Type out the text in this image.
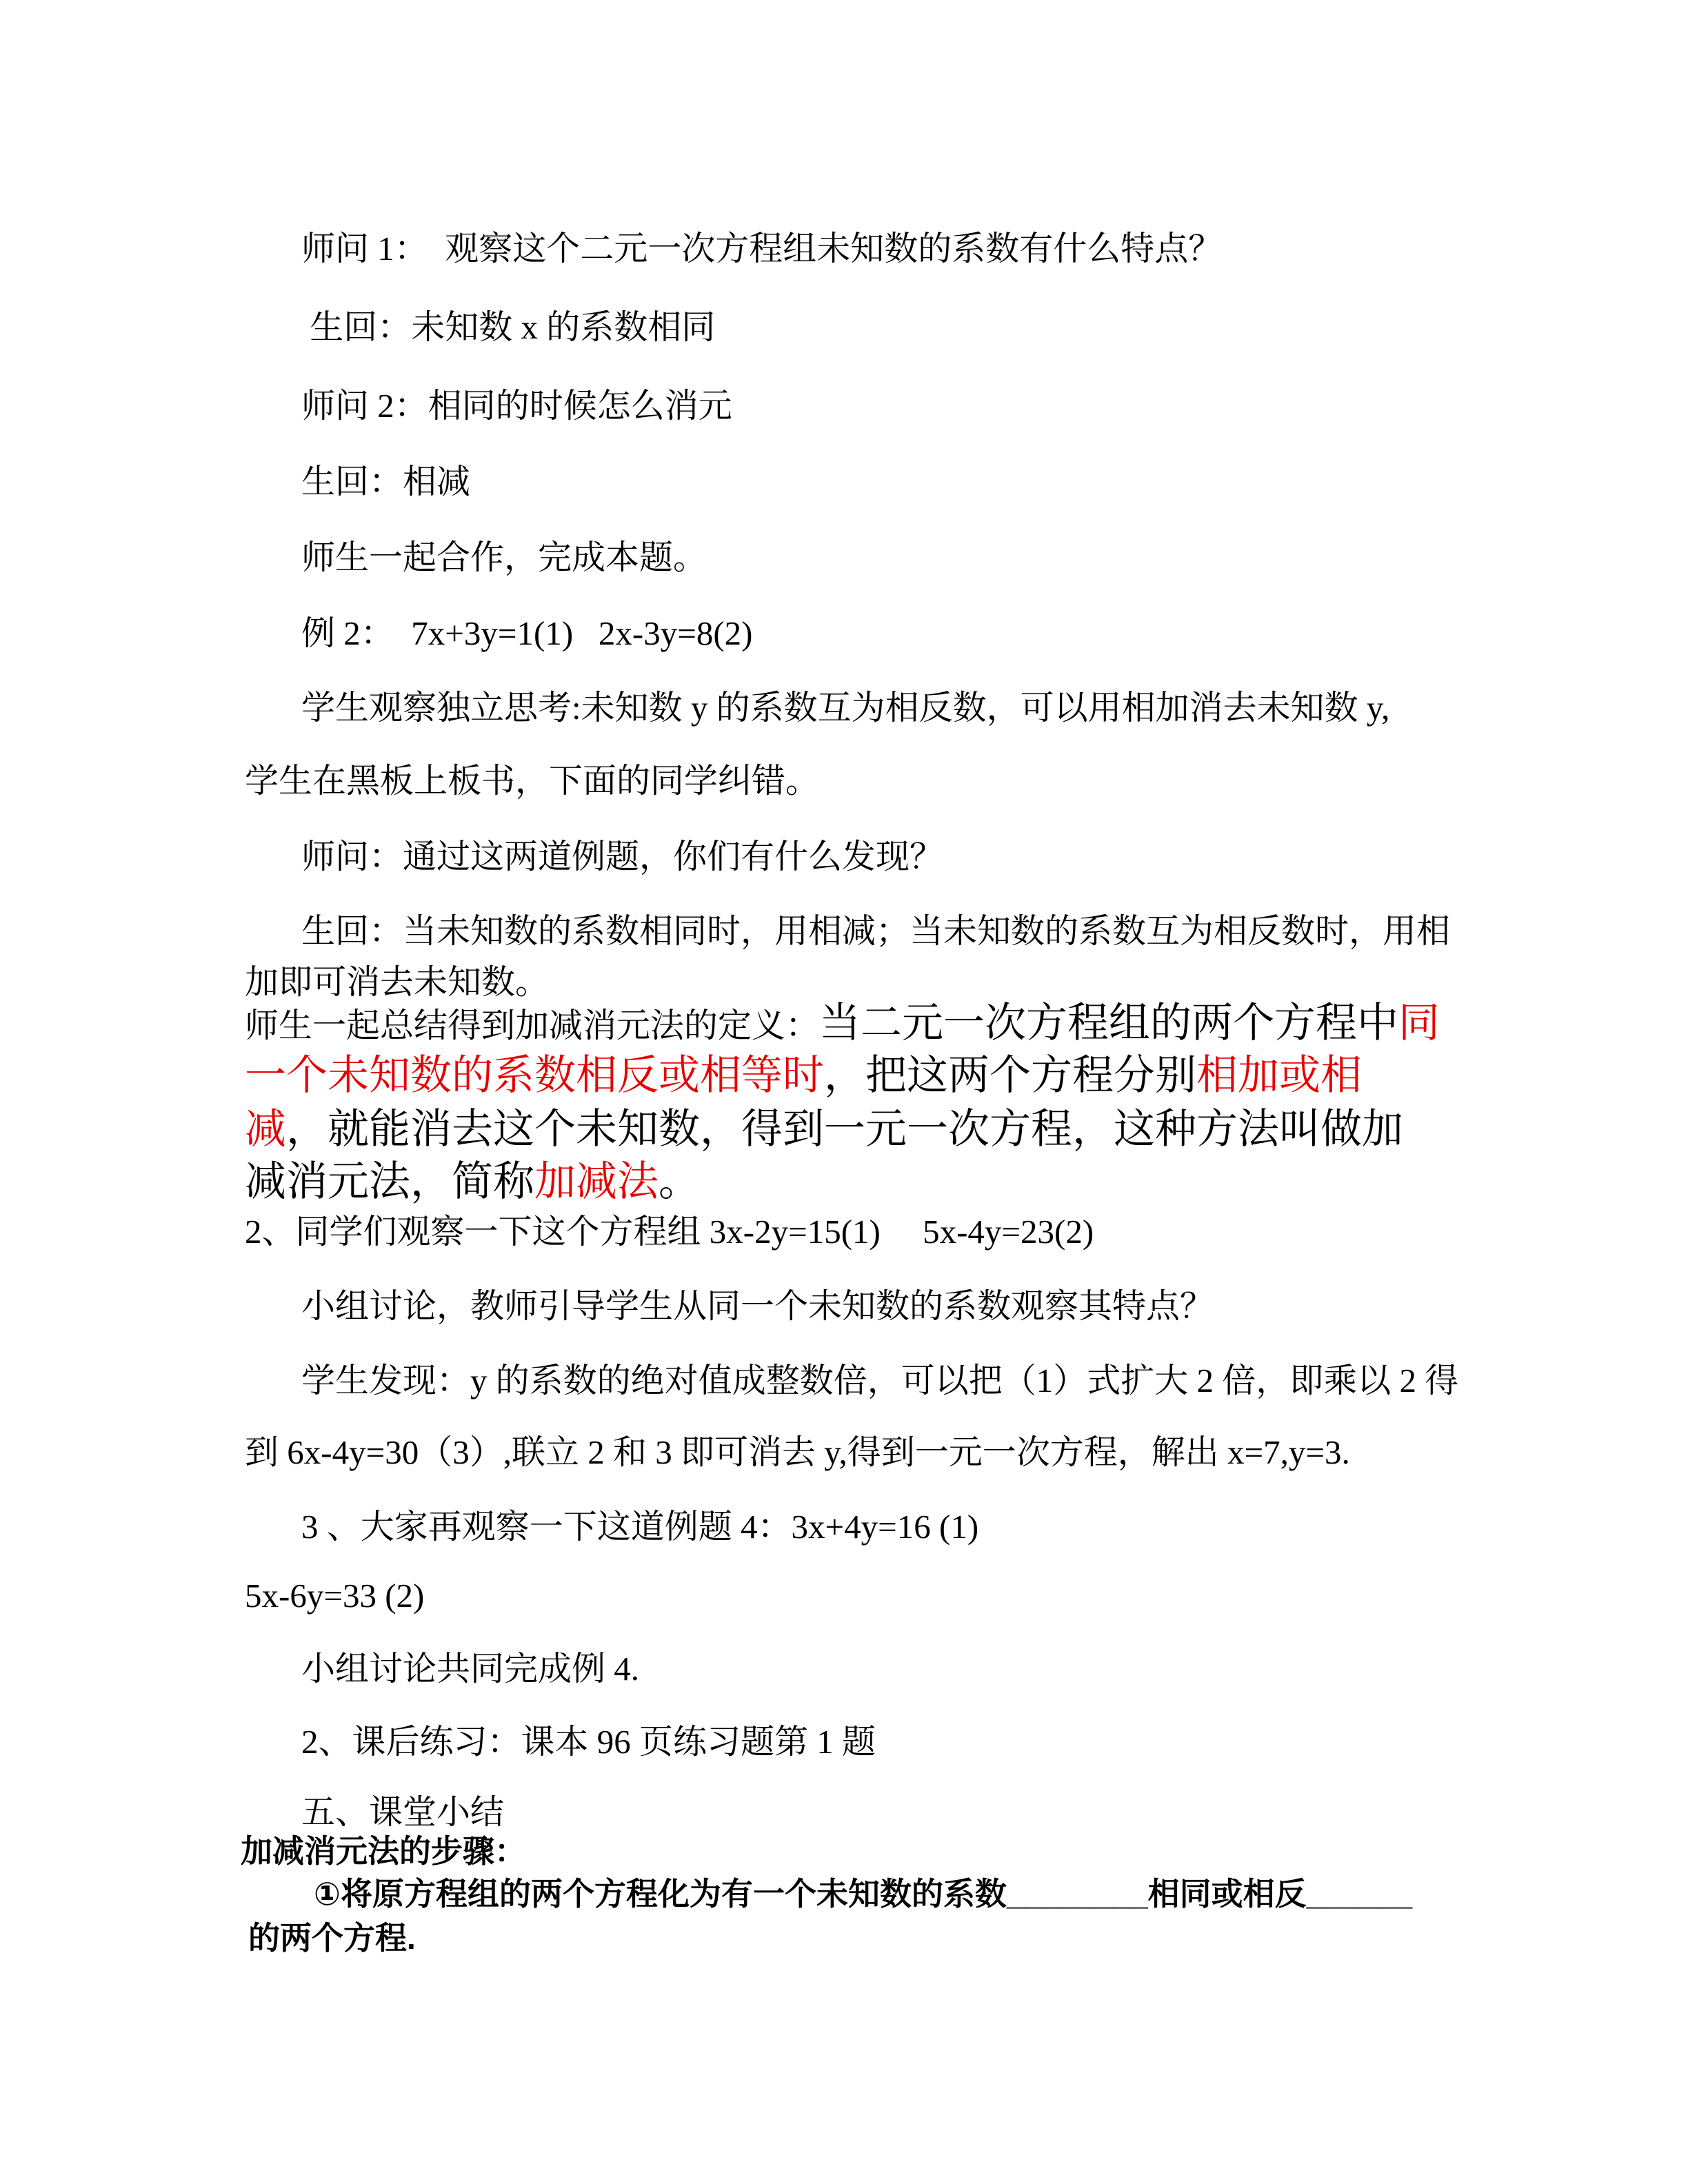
师问 1：  观察这个二元一次方程组未知数的系数有什么特点？
生回：未知数 x 的系数相同
师问 2：相同的时候怎么消元
生回：相减
师生一起合作，完成本题。
例 2：  7x+3y=1(1)   2x-3y=8(2)
学生观察独立思考:未知数 y 的系数互为相反数，可以用相加消去未知数 y,
学生在黑板上板书，下面的同学纠错。
师问：通过这两道例题，你们有什么发现？
生回：当未知数的系数相同时，用相减；当未知数的系数互为相反数时，用相
加即可消去未知数。
师生一起总结得到加减消元法的定义：当二元一次方程组的两个方程中同
一个未知数的系数相反或相等时，把这两个方程分别相加或相
减，就能消去这个未知数，得到一元一次方程，这种方法叫做加
减消元法，简称加减法。
2、同学们观察一下这个方程组 3x-2y=15(1)     5x-4y=23(2)
小组讨论，教师引导学生从同一个未知数的系数观察其特点？
学生发现：y 的系数的绝对值成整数倍，可以把（1）式扩大 2 倍，即乘以 2 得
到 6x-4y=30（3）,联立 2 和 3 即可消去 y,得到一元一次方程，解出 x=7,y=3.
3 、大家再观察一下这道例题 4：3x+4y=16 (1)
5x-6y=33 (2)
小组讨论共同完成例 4.
2、课后练习：课本 96 页练习题第 1 题
五、课堂小结
加减消元法的步骤：
①将原方程组的两个方程化为有一个未知数的系数________相同或相反______
的两个方程.
